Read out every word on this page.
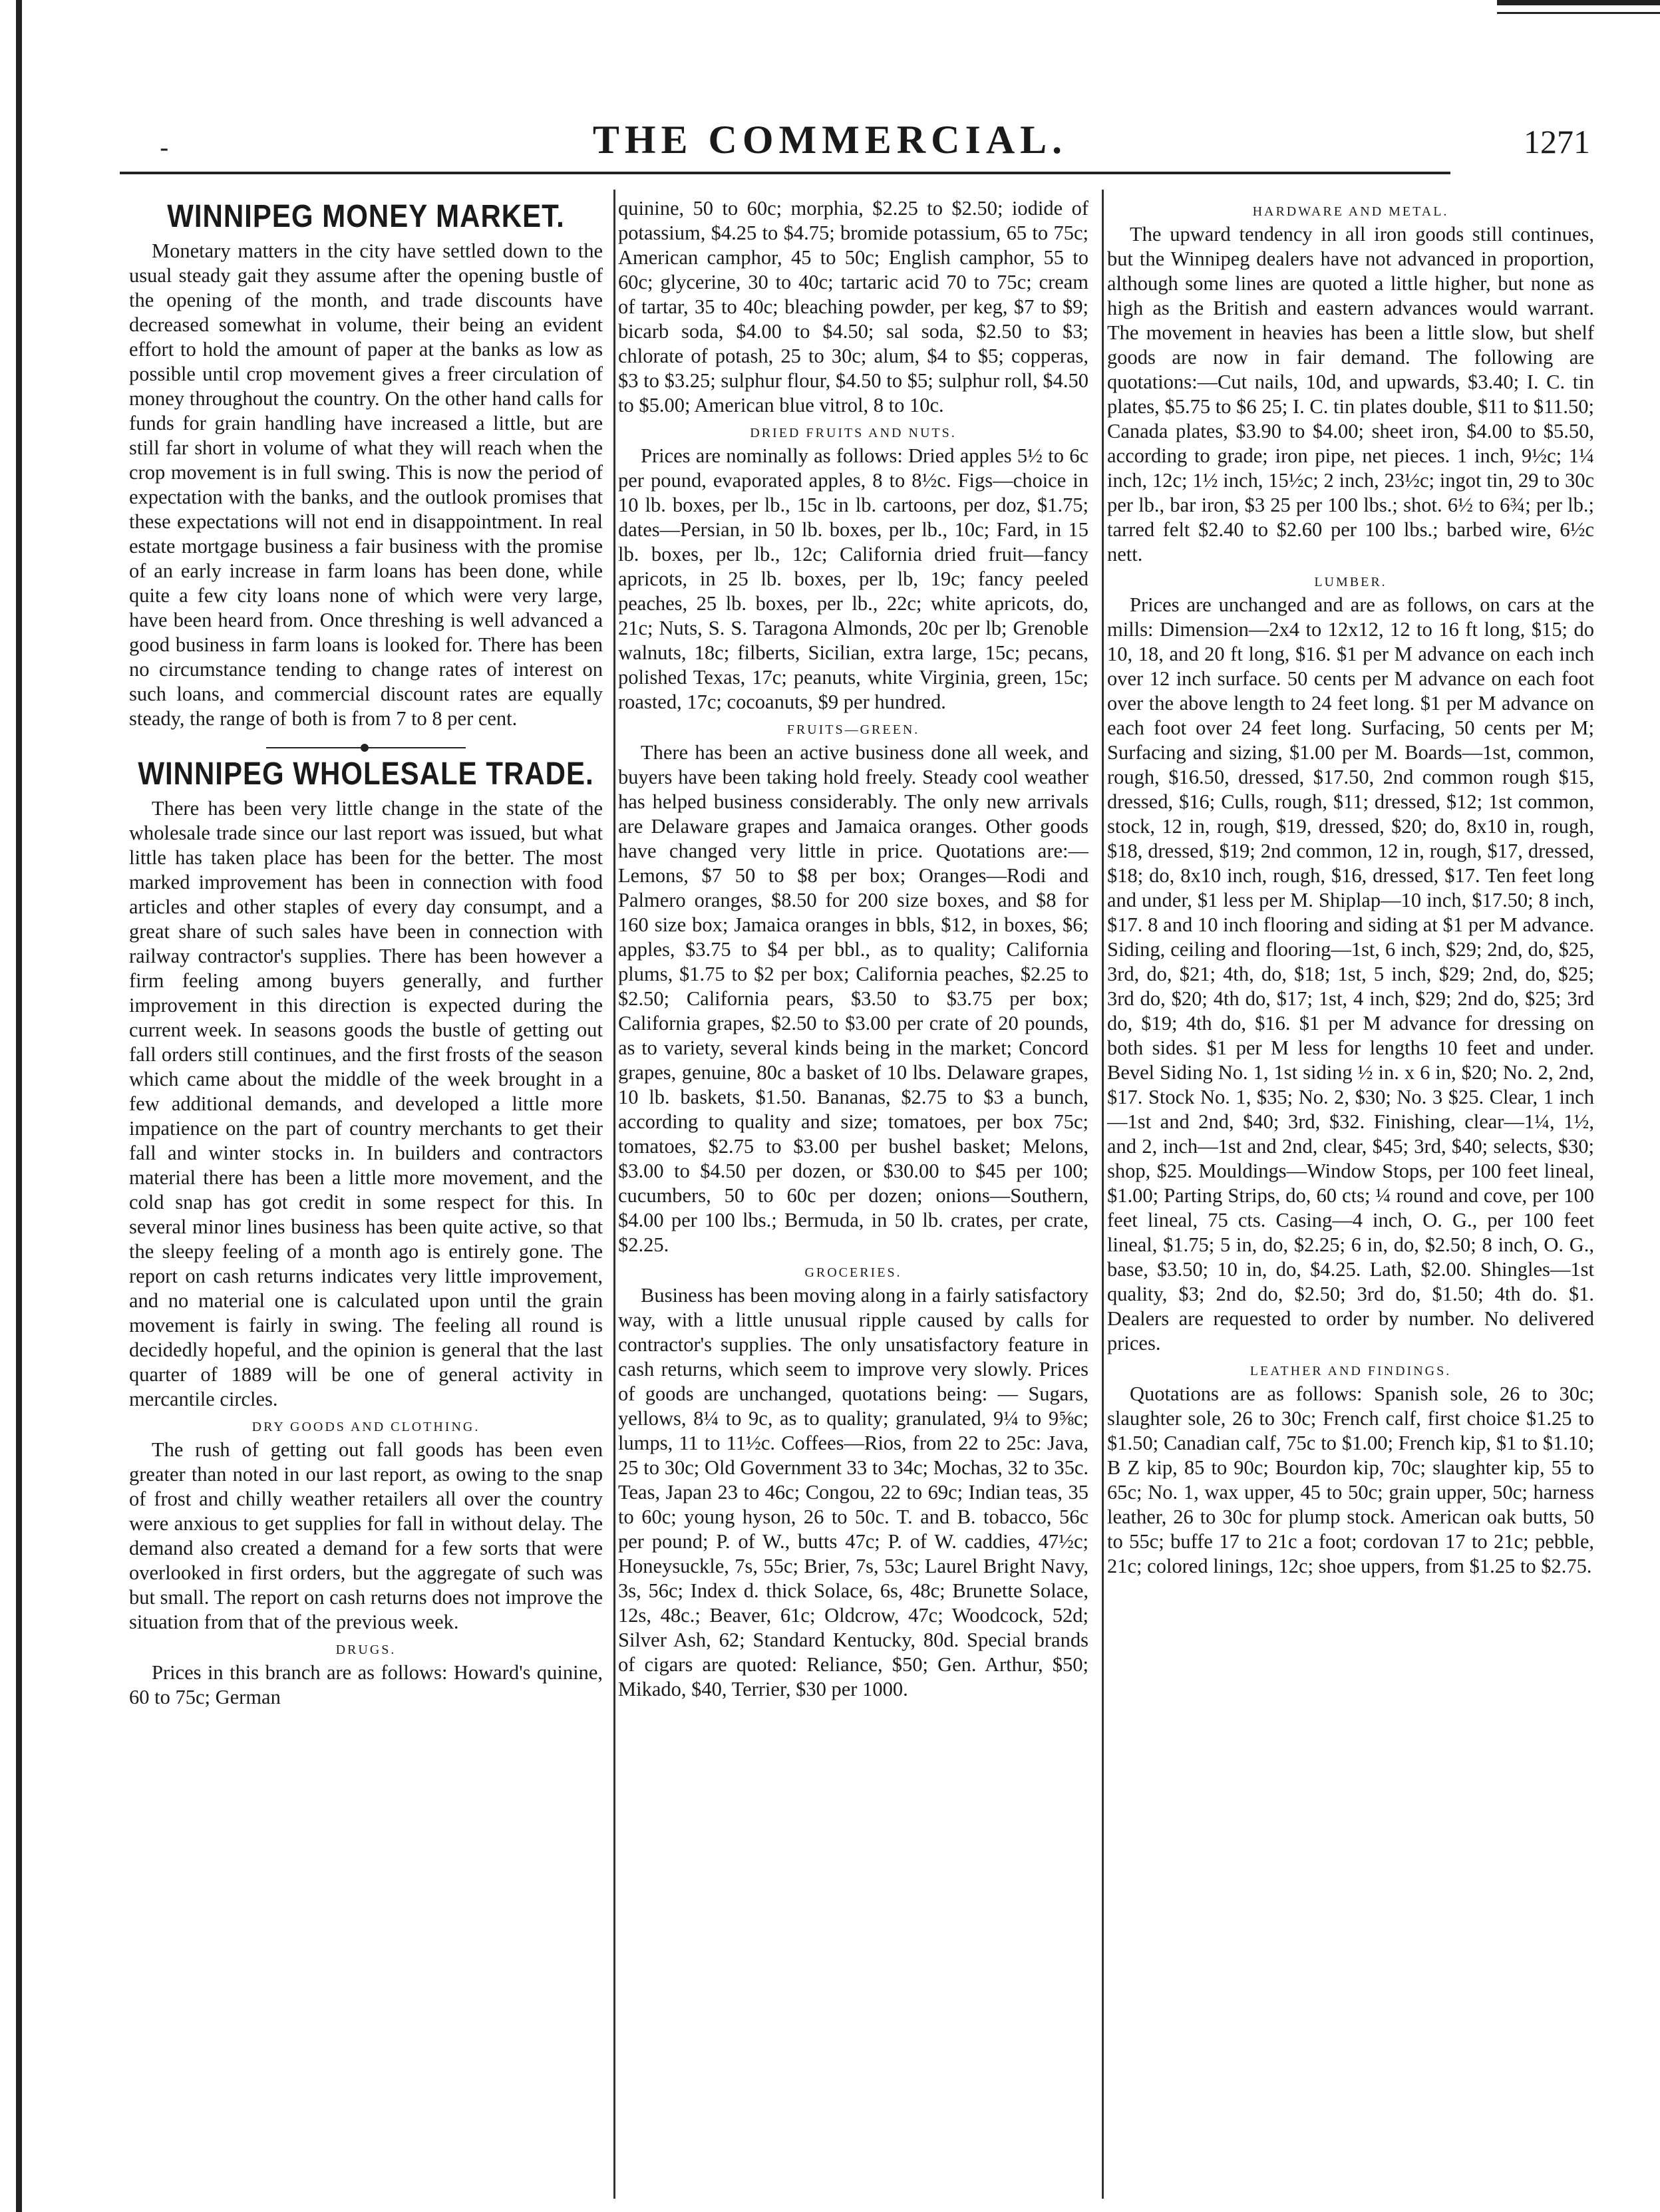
-	THE COMMERCIAL.	1271
WINNIPEG MONEY MARKET.

Monetary matters in the city have settled down to the usual steady gait they assume after the opening bustle of the opening of the month, and trade discounts have decreased somewhat in volume, their being an evident effort to hold the amount of paper at the banks as low as possible until crop movement gives a freer circulation of money throughout the country. On the other hand calls for funds for grain handling have increased a little, but are still far short in volume of what they will reach when the crop movement is in full swing. This is now the period of expectation with the banks, and the outlook promises that these expectations will not end in disappointment. In real estate mortgage business a fair business with the promise of an early increase in farm loans has been done, while quite a few city loans none of which were very large, have been heard from. Once threshing is well advanced a good business in farm loans is looked for. There has been no circumstance tending to change rates of interest on such loans, and commercial discount rates are equally steady, the range of both is from 7 to 8 per cent.

WINNIPEG WHOLESALE TRADE.

There has been very little change in the state of the wholesale trade since our last report was issued, but what little has taken place has been for the better. The most marked improvement has been in connection with food articles and other staples of every day consumpt, and a great share of such sales have been in connection with railway contractor's supplies. There has been however a firm feeling among buyers generally, and further improvement in this direction is expected during the current week. In seasons goods the bustle of getting out fall orders still continues, and the first frosts of the season which came about the middle of the week brought in a few additional demands, and developed a little more impatience on the part of country merchants to get their fall and winter stocks in. In builders and contractors material there has been a little more movement, and the cold snap has got credit in some respect for this. In several minor lines business has been quite active, so that the sleepy feeling of a month ago is entirely gone. The report on cash returns indicates very little improvement, and no material one is calculated upon until the grain movement is fairly in swing. The feeling all round is decidedly hopeful, and the opinion is general that the last quarter of 1889 will be one of general activity in mercantile circles.

DRY GOODS AND CLOTHING.

The rush of getting out fall goods has been even greater than noted in our last report, as owing to the snap of frost and chilly weather retailers all over the country were anxious to get supplies for fall in without delay. The demand also created a demand for a few sorts that were overlooked in first orders, but the aggregate of such was but small. The report on cash returns does not improve the situation from that of the previous week.

DRUGS.

Prices in this branch are as follows: Howard's quinine, 60 to 75c; German

quinine, 50 to 60c; morphia, $2.25 to $2.50; iodide of potassium, $4.25 to $4.75; bromide potassium, 65 to 75c; American camphor, 45 to 50c; English camphor, 55 to 60c; glycerine, 30 to 40c; tartaric acid 70 to 75c; cream of tartar, 35 to 40c; bleaching powder, per keg, $7 to $9; bicarb soda, $4.00 to $4.50; sal soda, $2.50 to $3; chlorate of potash, 25 to 30c; alum, $4 to $5; copperas, $3 to $3.25; sulphur flour, $4.50 to $5; sulphur roll, $4.50 to $5.00; American blue vitrol, 8 to 10c.

DRIED FRUITS AND NUTS.

Prices are nominally as follows: Dried apples 5½ to 6c per pound, evaporated apples, 8 to 8½c. Figs—choice in 10 lb. boxes, per lb., 15c in lb. cartoons, per doz, $1.75; dates—Persian, in 50 lb. boxes, per lb., 10c; Fard, in 15 lb. boxes, per lb., 12c; California dried fruit—fancy apricots, in 25 lb. boxes, per lb, 19c; fancy peeled peaches, 25 lb. boxes, per lb., 22c; white apricots, do, 21c; Nuts, S. S. Taragona Almonds, 20c per lb; Grenoble walnuts, 18c; filberts, Sicilian, extra large, 15c; pecans, polished Texas, 17c; peanuts, white Virginia, green, 15c; roasted, 17c; cocoanuts, $9 per hundred.

FRUITS—GREEN.

There has been an active business done all week, and buyers have been taking hold freely. Steady cool weather has helped business considerably. The only new arrivals are Delaware grapes and Jamaica oranges. Other goods have changed very little in price. Quotations are:—Lemons, $7 50 to $8 per box; Oranges—Rodi and Palmero oranges, $8.50 for 200 size boxes, and $8 for 160 size box; Jamaica oranges in bbls, $12, in boxes, $6; apples, $3.75 to $4 per bbl., as to quality; California plums, $1.75 to $2 per box; California peaches, $2.25 to $2.50; California pears, $3.50 to $3.75 per box; California grapes, $2.50 to $3.00 per crate of 20 pounds, as to variety, several kinds being in the market; Concord grapes, genuine, 80c a basket of 10 lbs. Delaware grapes, 10 lb. baskets, $1.50. Bananas, $2.75 to $3 a bunch, according to quality and size; tomatoes, per box 75c; tomatoes, $2.75 to $3.00 per bushel basket; Melons, $3.00 to $4.50 per dozen, or $30.00 to $45 per 100; cucumbers, 50 to 60c per dozen; onions—Southern, $4.00 per 100 lbs.; Bermuda, in 50 lb. crates, per crate, $2.25.

GROCERIES.

Business has been moving along in a fairly satisfactory way, with a little unusual ripple caused by calls for contractor's supplies. The only unsatisfactory feature in cash returns, which seem to improve very slowly. Prices of goods are unchanged, quotations being: — Sugars, yellows, 8¼ to 9c, as to quality; granulated, 9¼ to 9⅝c; lumps, 11 to 11½c. Coffees—Rios, from 22 to 25c: Java, 25 to 30c; Old Government 33 to 34c; Mochas, 32 to 35c. Teas, Japan 23 to 46c; Congou, 22 to 69c; Indian teas, 35 to 60c; young hyson, 26 to 50c. T. and B. tobacco, 56c per pound; P. of W., butts 47c; P. of W. caddies, 47½c; Honeysuckle, 7s, 55c; Brier, 7s, 53c; Laurel Bright Navy, 3s, 56c; Index d. thick Solace, 6s, 48c; Brunette Solace, 12s, 48c.; Beaver, 61c; Oldcrow, 47c; Woodcock, 52d; Silver Ash, 62; Standard Kentucky, 80d. Special brands of cigars are quoted: Reliance, $50; Gen. Arthur, $50; Mikado, $40, Terrier, $30 per 1000.

HARDWARE AND METAL.

The upward tendency in all iron goods still continues, but the Winnipeg dealers have not advanced in proportion, although some lines are quoted a little higher, but none as high as the British and eastern advances would warrant. The movement in heavies has been a little slow, but shelf goods are now in fair demand. The following are quotations:—Cut nails, 10d, and upwards, $3.40; I. C. tin plates, $5.75 to $6 25; I. C. tin plates double, $11 to $11.50; Canada plates, $3.90 to $4.00; sheet iron, $4.00 to $5.50, according to grade; iron pipe, net pieces. 1 inch, 9½c; 1¼ inch, 12c; 1½ inch, 15½c; 2 inch, 23½c; ingot tin, 29 to 30c per lb., bar iron, $3 25 per 100 lbs.; shot. 6½ to 6¾; per lb.; tarred felt $2.40 to $2.60 per 100 lbs.; barbed wire, 6½c nett.

LUMBER.

Prices are unchanged and are as follows, on cars at the mills: Dimension—2x4 to 12x12, 12 to 16 ft long, $15; do 10, 18, and 20 ft long, $16. $1 per M advance on each inch over 12 inch surface. 50 cents per M advance on each foot over the above length to 24 feet long. $1 per M advance on each foot over 24 feet long. Surfacing, 50 cents per M; Surfacing and sizing, $1.00 per M. Boards—1st, common, rough, $16.50, dressed, $17.50, 2nd common rough $15, dressed, $16; Culls, rough, $11; dressed, $12; 1st common, stock, 12 in, rough, $19, dressed, $20; do, 8x10 in, rough, $18, dressed, $19; 2nd common, 12 in, rough, $17, dressed, $18; do, 8x10 inch, rough, $16, dressed, $17. Ten feet long and under, $1 less per M. Shiplap—10 inch, $17.50; 8 inch, $17. 8 and 10 inch flooring and siding at $1 per M advance. Siding, ceiling and flooring—1st, 6 inch, $29; 2nd, do, $25, 3rd, do, $21; 4th, do, $18; 1st, 5 inch, $29; 2nd, do, $25; 3rd do, $20; 4th do, $17; 1st, 4 inch, $29; 2nd do, $25; 3rd do, $19; 4th do, $16. $1 per M advance for dressing on both sides. $1 per M less for lengths 10 feet and under. Bevel Siding No. 1, 1st siding ½ in. x 6 in, $20; No. 2, 2nd, $17. Stock No. 1, $35; No. 2, $30; No. 3 $25. Clear, 1 inch—1st and 2nd, $40; 3rd, $32. Finishing, clear—1¼, 1½, and 2, inch—1st and 2nd, clear, $45; 3rd, $40; selects, $30; shop, $25. Mouldings—Window Stops, per 100 feet lineal, $1.00; Parting Strips, do, 60 cts; ¼ round and cove, per 100 feet lineal, 75 cts. Casing—4 inch, O. G., per 100 feet lineal, $1.75; 5 in, do, $2.25; 6 in, do, $2.50; 8 inch, O. G., base, $3.50; 10 in, do, $4.25. Lath, $2.00. Shingles—1st quality, $3; 2nd do, $2.50; 3rd do, $1.50; 4th do. $1. Dealers are requested to order by number. No delivered prices.

LEATHER AND FINDINGS.

Quotations are as follows: Spanish sole, 26 to 30c; slaughter sole, 26 to 30c; French calf, first choice $1.25 to $1.50; Canadian calf, 75c to $1.00; French kip, $1 to $1.10; B Z kip, 85 to 90c; Bourdon kip, 70c; slaughter kip, 55 to 65c; No. 1, wax upper, 45 to 50c; grain upper, 50c; harness leather, 26 to 30c for plump stock. American oak butts, 50 to 55c; buffe 17 to 21c a foot; cordovan 17 to 21c; pebble, 21c; colored linings, 12c; shoe uppers, from $1.25 to $2.75.
